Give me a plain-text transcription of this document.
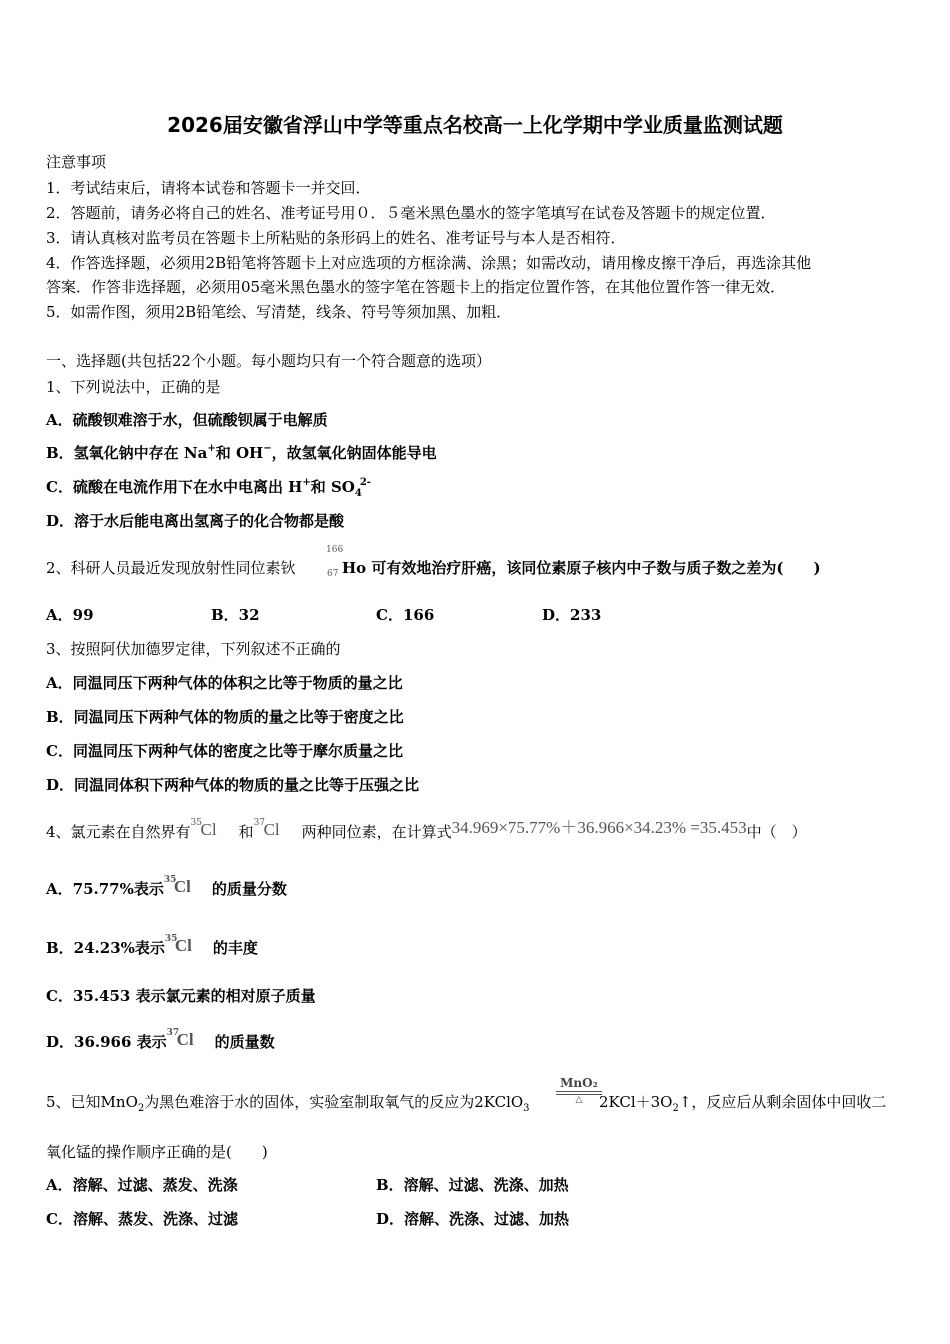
2026届安徽省浮山中学等重点名校高一上化学期中学业质量监测试题
注意事项
1．考试结束后，请将本试卷和答题卡一并交回．
2．答题前，请务必将自己的姓名、准考证号用０．５毫米黑色墨水的签字笔填写在试卷及答题卡的规定位置．
3．请认真核对监考员在答题卡上所粘贴的条形码上的姓名、准考证号与本人是否相符．
4．作答选择题，必须用2B铅笔将答题卡上对应选项的方框涂满、涂黑；如需改动，请用橡皮擦干净后，再选涂其他
答案．作答非选择题，必须用05毫米黑色墨水的签字笔在答题卡上的指定位置作答，在其他位置作答一律无效．
5．如需作图，须用2B铅笔绘、写清楚，线条、符号等须加黑、加粗．
一、选择题(共包括22个小题。每小题均只有一个符合题意的选项）
1、下列说法中，正确的是
A．硫酸钡难溶于水，但硫酸钡属于电解质
B．氢氧化钠中存在 Na+和 OH−，故氢氧化钠固体能导电
C．硫酸在电流作用下在水中电离出 H+和 $SO_4^{2-}$
D．溶于水后能电离出氢离子的化合物都是酸
2、科研人员最近发现放射性同位素钬
166
67 Ho 可有效地治疗肝癌，该同位素原子核内中子数与质子数之差为(　　)
A．99	B．32	C．166	D．233
3、按照阿伏加德罗定律，下列叙述不正确的
A．同温同压下两种气体的体积之比等于物质的量之比
B．同温同压下两种气体的物质的量之比等于密度之比
C．同温同压下两种气体的密度之比等于摩尔质量之比
D．同温同体积下两种气体的物质的量之比等于压强之比
4、氯元素在自然界有 35
Cl 和 37
Cl 两种同位素，在计算式34.969×75.77%＋36.966×34.23% =35.453中（　）
A．75.77%表示 35
Cl 的质量分数
B．24.23%表示 35
Cl 的丰度
C．35.453 表示氯元素的相对原子质量
D．36.966 表示 37
Cl 的质量数
5、已知MnO$_2$为黑色难溶于水的固体，实验室制取氧气的反应为2KClO$_3$
MnO₂
△	$2KCl+3O_2↑$，反应后从剩余固体中回收二
氧化锰的操作顺序正确的是(　　)
A．溶解、过滤、蒸发、洗涤	B．溶解、过滤、洗涤、加热
C．溶解、蒸发、洗涤、过滤	D．溶解、洗涤、过滤、加热
